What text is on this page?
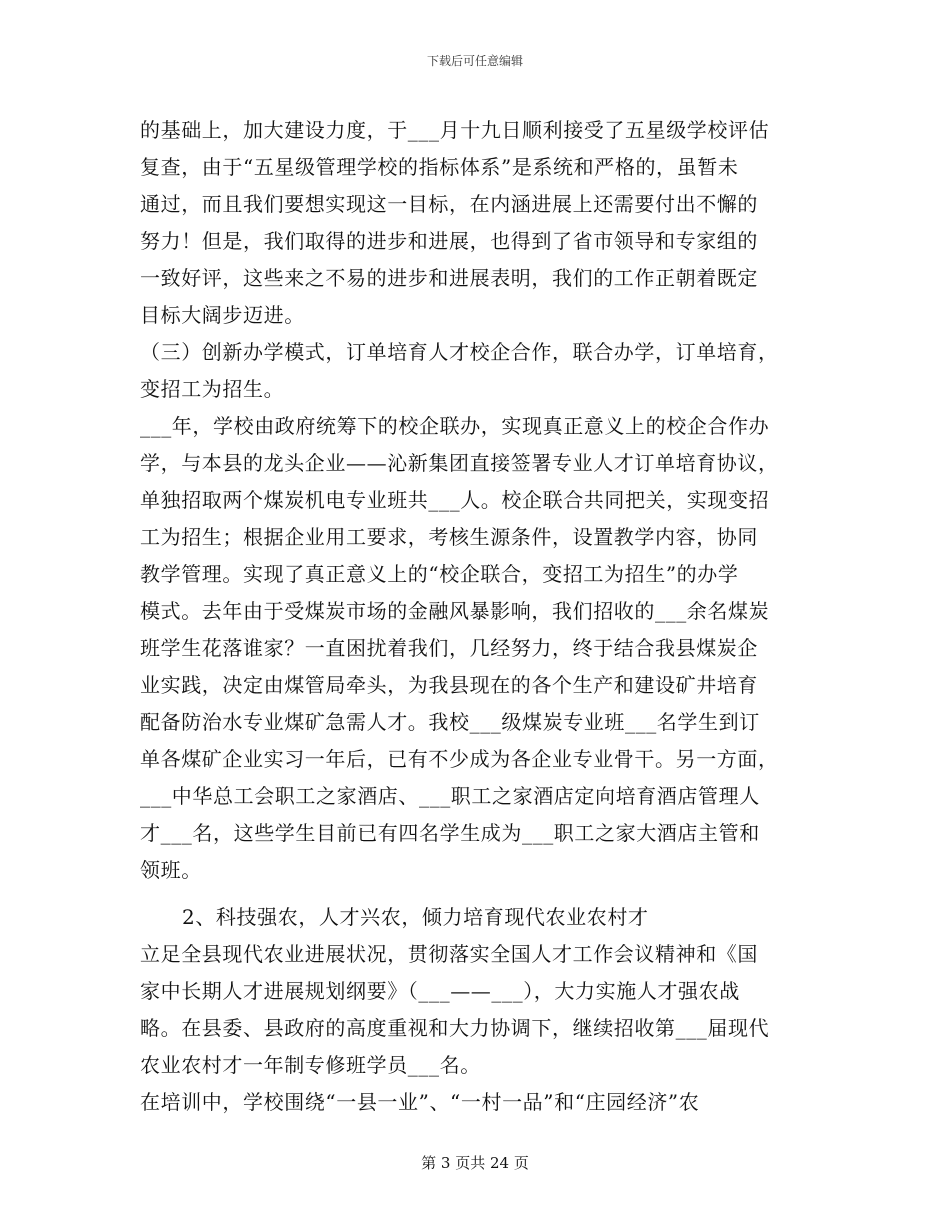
下载后可任意编辑
的基础上，加大建设力度，于___月十九日顺利接受了五星级学校评估
复查，由于“五星级管理学校的指标体系”是系统和严格的，虽暂未
通过，而且我们要想实现这一目标，在内涵进展上还需要付出不懈的
努力！但是，我们取得的进步和进展，也得到了省市领导和专家组的
一致好评，这些来之不易的进步和进展表明，我们的工作正朝着既定
目标大阔步迈进。
（三）创新办学模式，订单培育人才校企合作，联合办学，订单培育，
变招工为招生。
___年，学校由政府统筹下的校企联办，实现真正意义上的校企合作办
学，与本县的龙头企业——沁新集团直接签署专业人才订单培育协议，
单独招取两个煤炭机电专业班共___人。校企联合共同把关，实现变招
工为招生；根据企业用工要求，考核生源条件，设置教学内容，协同
教学管理。实现了真正意义上的“校企联合，变招工为招生”的办学
模式。去年由于受煤炭市场的金融风暴影响，我们招收的___余名煤炭
班学生花落谁家？一直困扰着我们，几经努力，终于结合我县煤炭企
业实践，决定由煤管局牵头，为我县现在的各个生产和建设矿井培育
配备防治水专业煤矿急需人才。我校___级煤炭专业班___名学生到订
单各煤矿企业实习一年后，已有不少成为各企业专业骨干。另一方面，
___中华总工会职工之家酒店、___职工之家酒店定向培育酒店管理人
才___名，这些学生目前已有四名学生成为___职工之家大酒店主管和
领班。
2、科技强农，人才兴农，倾力培育现代农业农村才
立足全县现代农业进展状况，贯彻落实全国人才工作会议精神和《国
家中长期人才进展规划纲要》（___——___），大力实施人才强农战
略。在县委、县政府的高度重视和大力协调下，继续招收第___届现代
农业农村才一年制专修班学员___名。
在培训中，学校围绕“一县一业”、“一村一品”和“庄园经济”农
第 3 页共 24 页
